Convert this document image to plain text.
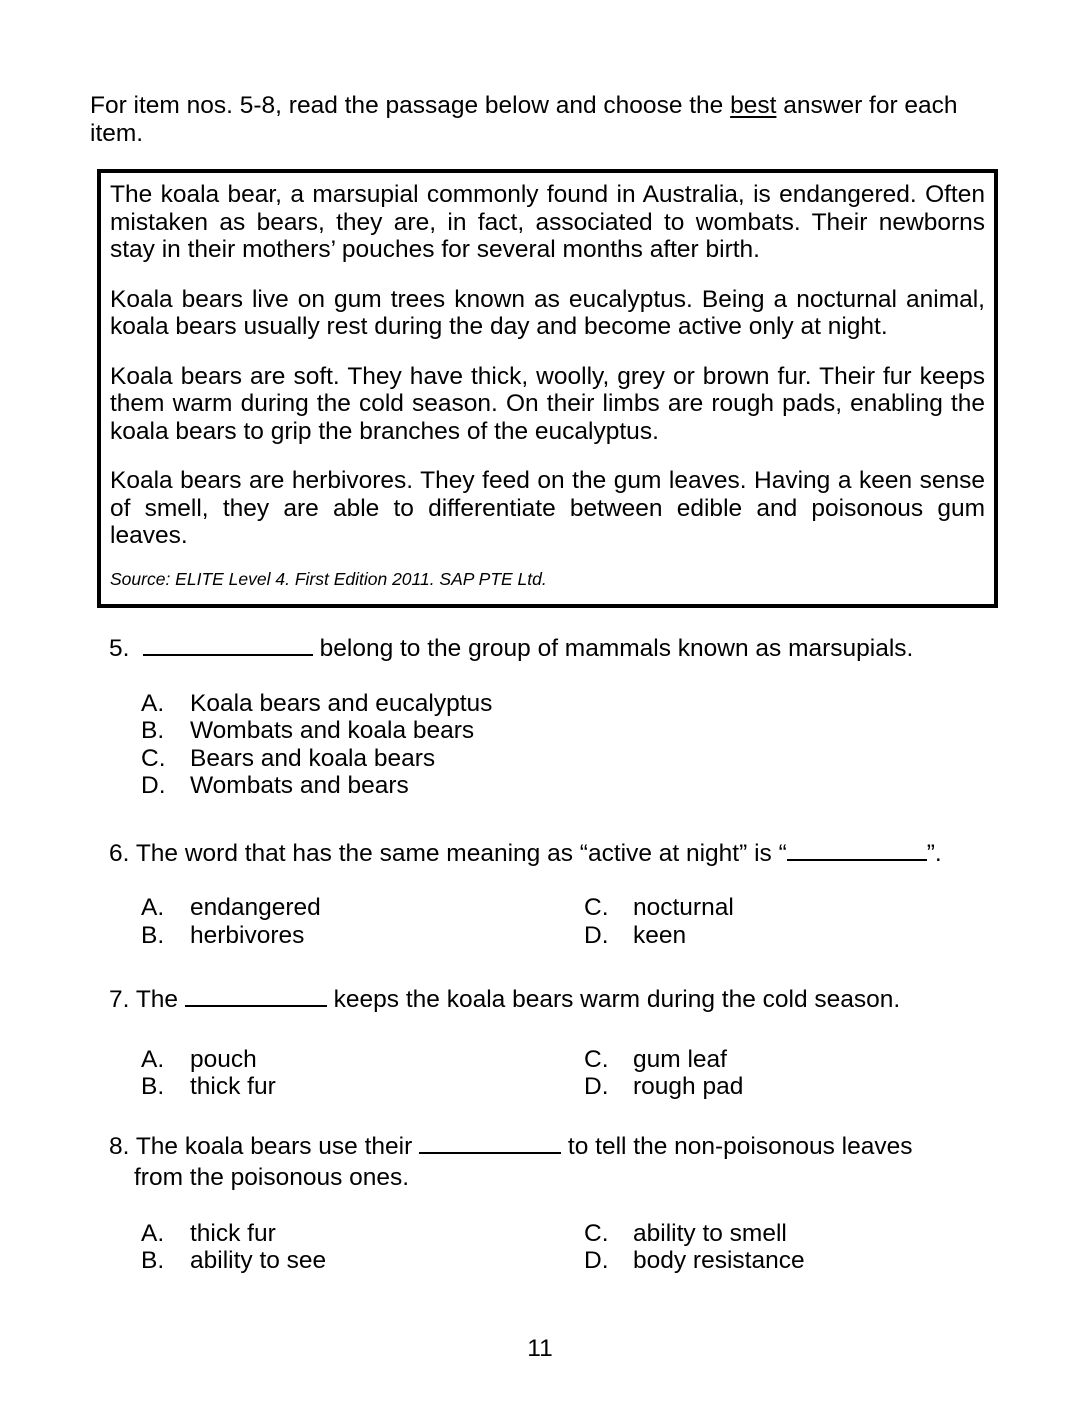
For item nos. 5-8, read the passage below and choose the best answer for each item.

The koala bear, a marsupial commonly found in Australia, is endangered. Often mistaken as bears, they are, in fact, associated to wombats. Their newborns stay in their mothers’ pouches for several months after birth.

Koala bears live on gum trees known as eucalyptus. Being a nocturnal animal, koala bears usually rest during the day and become active only at night.

Koala bears are soft. They have thick, woolly, grey or brown fur. Their fur keeps them warm during the cold season. On their limbs are rough pads, enabling the koala bears to grip the branches of the eucalyptus.

Koala bears are herbivores. They feed on the gum leaves. Having a keen sense of smell, they are able to differentiate between edible and poisonous gum leaves.

Source: ELITE Level 4. First Edition 2011. SAP PTE Ltd.
5.	belong to the group of mammals known as marsupials.
A. Koala bears and eucalyptus
B. Wombats and koala bears
C. Bears and koala bears
D. Wombats and bears
6. The word that has the same meaning as “active at night” is “	”.
A. endangered
B. herbivores
C. nocturnal
D. keen
7. The	keeps the koala bears warm during the cold season.
A. pouch
B. thick fur
C. gum leaf
D. rough pad
8. The koala bears use their	to tell the non-poisonous leaves
from the poisonous ones.
A. thick fur
B. ability to see
C. ability to smell
D. body resistance
11
